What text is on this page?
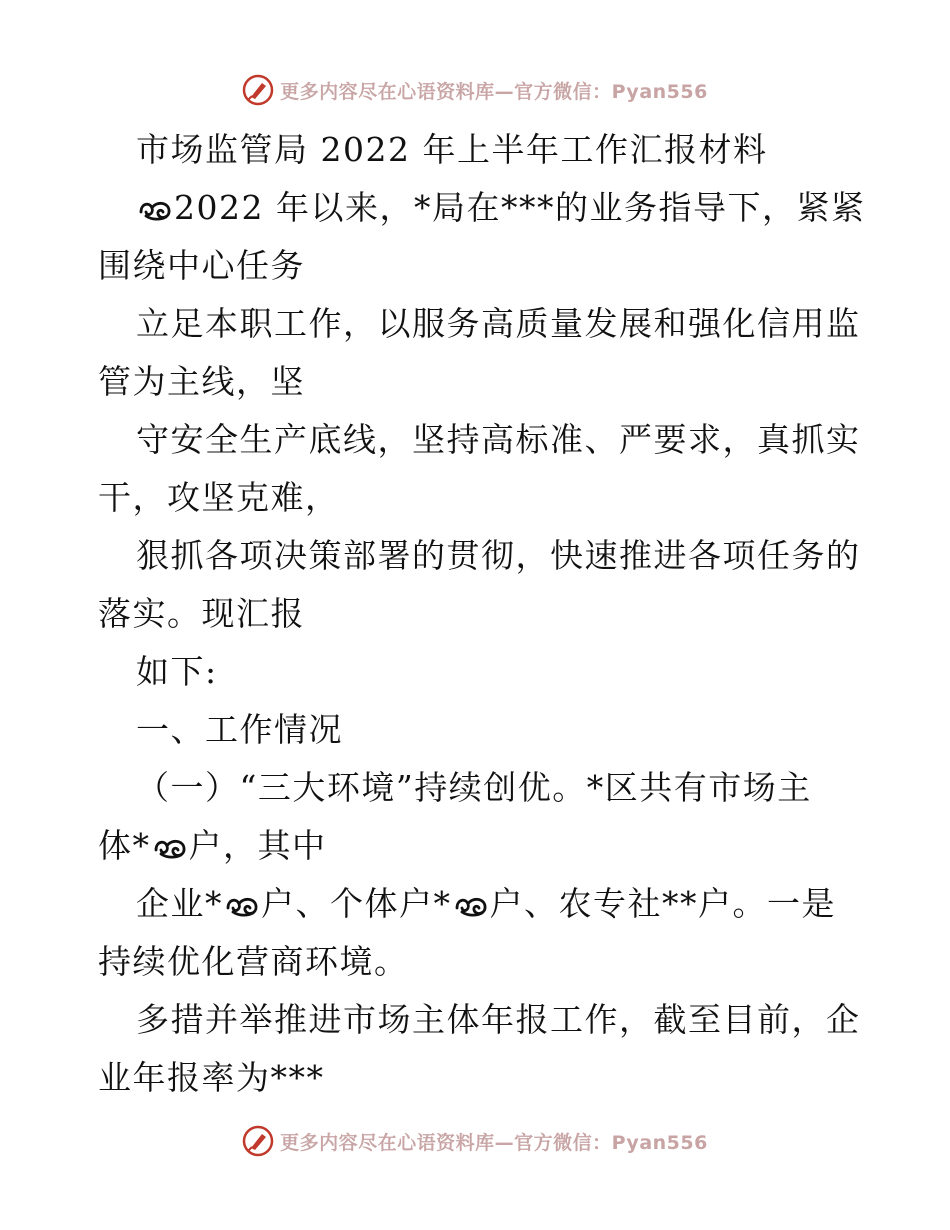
更多内容尽在心语资料库—官方微信：Pyan556
市场监管局 2022 年上半年工作汇报材料
2022 年以来，*局在***的业务指导下，紧紧
围绕中心任务
立足本职工作，以服务高质量发展和强化信用监
管为主线，坚
守安全生产底线，坚持高标准、严要求，真抓实
干，攻坚克难，
狠抓各项决策部署的贯彻，快速推进各项任务的
落实。现汇报
如下:
一、工作情况
（一）“三大环境”持续创优。*区共有市场主
体* 户，其中
企业* 户、个体户* 户、农专社**户。一是
持续优化营商环境。
多措并举推进市场主体年报工作，截至目前，企
业年报率为***
更多内容尽在心语资料库—官方微信：Pyan556
